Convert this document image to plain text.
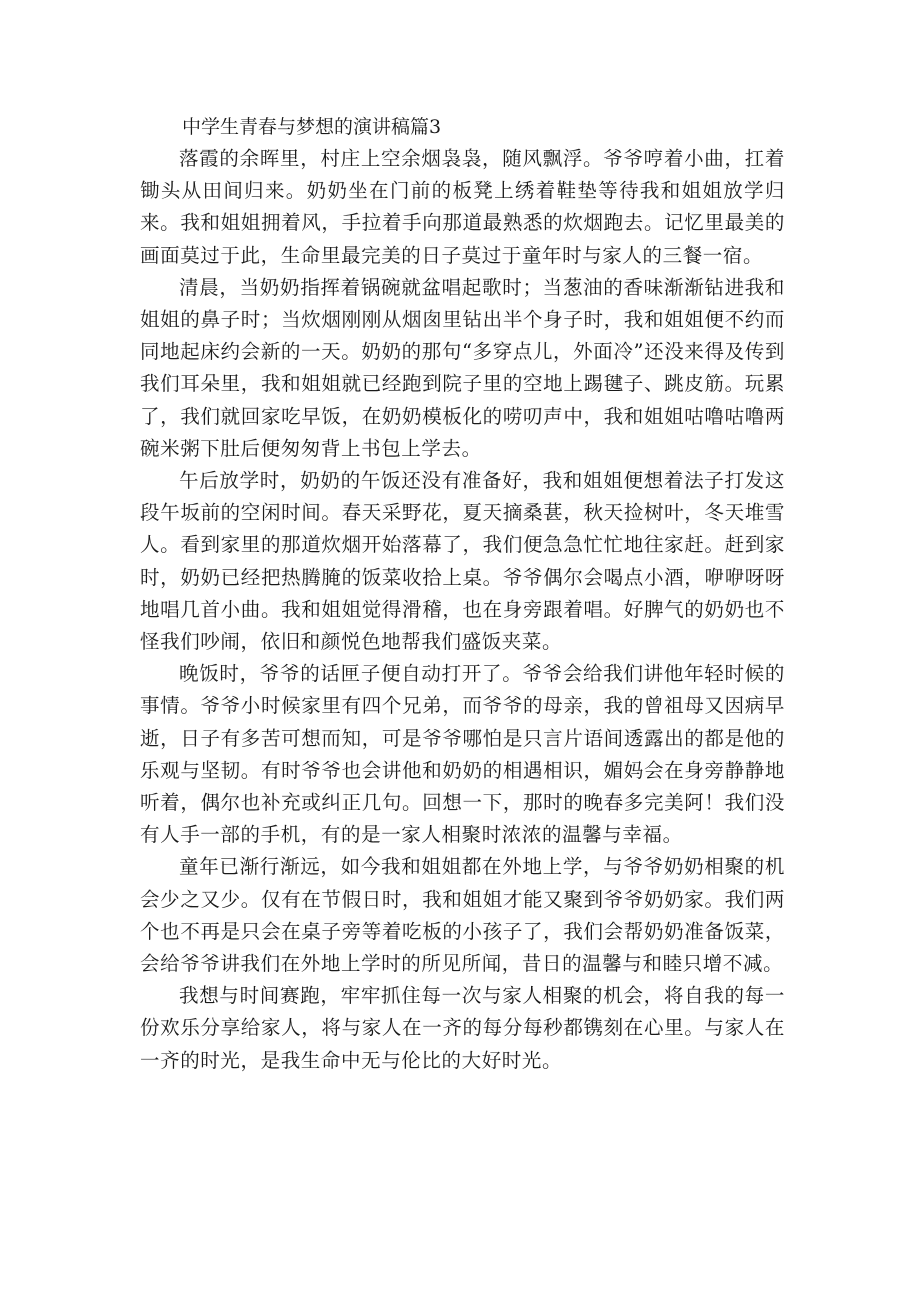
中学生青春与梦想的演讲稿篇3

落霞的余晖里，村庄上空余烟袅袅，随风飘浮。爷爷哼着小曲，扛着锄头从田间归来。奶奶坐在门前的板凳上绣着鞋垫等待我和姐姐放学归来。我和姐姐拥着风，手拉着手向那道最熟悉的炊烟跑去。记忆里最美的画面莫过于此，生命里最完美的日子莫过于童年时与家人的三餐一宿。

清晨，当奶奶指挥着锅碗就盆唱起歌时；当葱油的香味渐渐钻进我和姐姐的鼻子时；当炊烟刚刚从烟囱里钻出半个身子时，我和姐姐便不约而同地起床约会新的一天。奶奶的那句“多穿点儿，外面冷”还没来得及传到我们耳朵里，我和姐姐就已经跑到院子里的空地上踢毽子、跳皮筋。玩累了，我们就回家吃早饭，在奶奶模板化的唠叨声中，我和姐姐咕噜咕噜两碗米粥下肚后便匆匆背上书包上学去。

午后放学时，奶奶的午饭还没有准备好，我和姐姐便想着法子打发这段午坂前的空闲时间。春天采野花，夏天摘桑葚，秋天捡树叶，冬天堆雪人。看到家里的那道炊烟开始落幕了，我们便急急忙忙地往家赶。赶到家时，奶奶已经把热腾腌的饭菜收拾上桌。爷爷偶尔会喝点小酒，咿咿呀呀地唱几首小曲。我和姐姐觉得滑稽，也在身旁跟着唱。好脾气的奶奶也不怪我们吵闹，依旧和颜悦色地帮我们盛饭夹菜。

晚饭时，爷爷的话匣子便自动打开了。爷爷会给我们讲他年轻时候的事情。爷爷小时候家里有四个兄弟，而爷爷的母亲，我的曾祖母又因病早逝，日子有多苦可想而知，可是爷爷哪怕是只言片语间透露出的都是他的乐观与坚韧。有时爷爷也会讲他和奶奶的相遇相识，媚妈会在身旁静静地听着，偶尔也补充或纠正几句。回想一下，那时的晚春多完美阿！我们没有人手一部的手机，有的是一家人相聚时浓浓的温馨与幸福。

童年已渐行渐远，如今我和姐姐都在外地上学，与爷爷奶奶相聚的机会少之又少。仅有在节假日时，我和姐姐才能又聚到爷爷奶奶家。我们两个也不再是只会在桌子旁等着吃板的小孩子了，我们会帮奶奶准备饭菜，会给爷爷讲我们在外地上学时的所见所闻，昔日的温馨与和睦只增不减。

我想与时间赛跑，牢牢抓住每一次与家人相聚的机会，将自我的每一份欢乐分享给家人，将与家人在一齐的每分每秒都镌刻在心里。与家人在一齐的时光，是我生命中无与伦比的大好时光。
